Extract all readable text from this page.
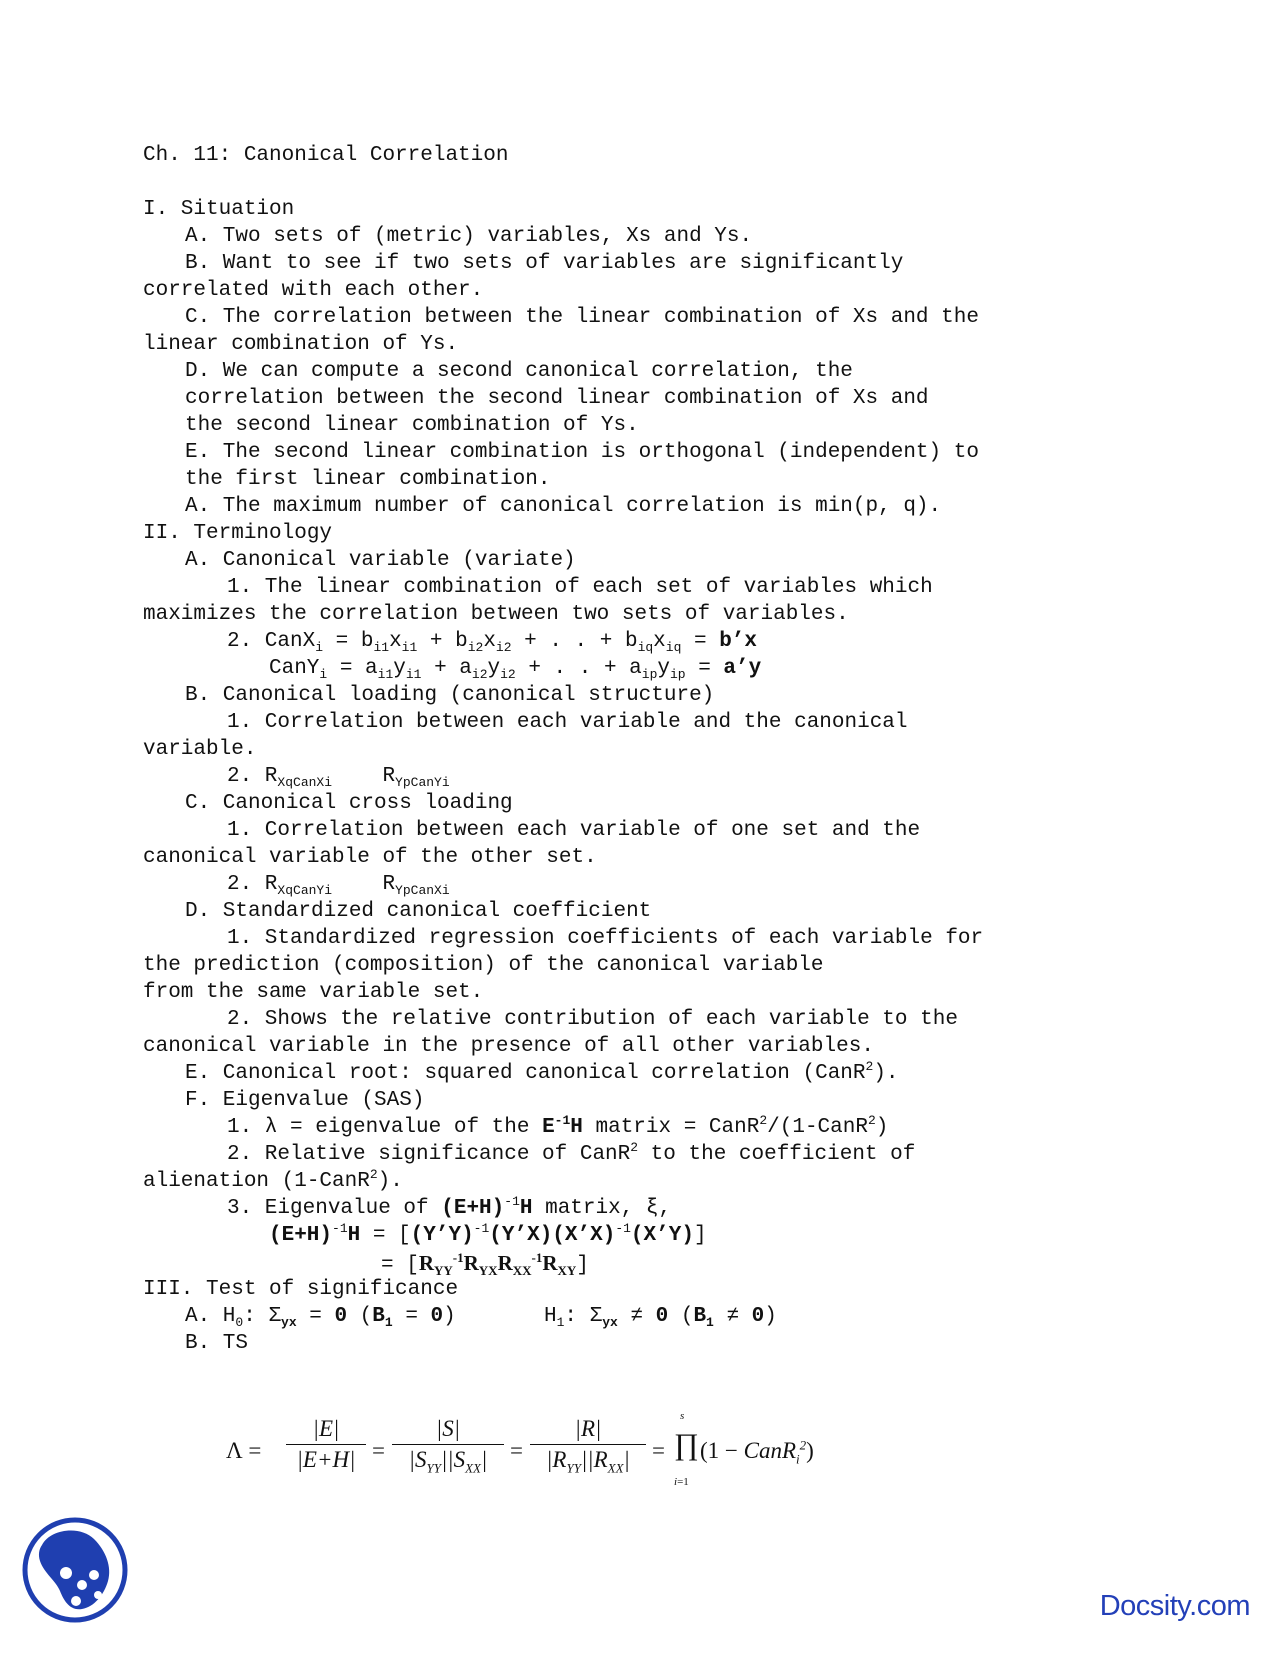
Ch. 11: Canonical Correlation
I. Situation
A. Two sets of (metric) variables, Xs and Ys.
B. Want to see if two sets of variables are significantly
correlated with each other.
C. The correlation between the linear combination of Xs and the
linear combination of Ys.
D. We can compute a second canonical correlation, the
correlation between the second linear combination of Xs and
the second linear combination of Ys.
E. The second linear combination is orthogonal (independent) to
the first linear combination.
A. The maximum number of canonical correlation is min(p, q).
II. Terminology
A. Canonical variable (variate)
1. The linear combination of each set of variables which
maximizes the correlation between two sets of variables.
2. CanX$_i$ = $b_{i1}x_{i1} + b_{i2}x_{i2}$ + . . + $b_{iq}x_{iq}$ = b’x
CanY$_i$ = $a_{i1}y_{i1} + a_{i2}y_{i2}$ + . . + $a_{ip}y_{ip}$ = a’y
B. Canonical loading (canonical structure)
1. Correlation between each variable and the canonical
variable.
2. $R_{XqCanXi}$    $R_{YpCanYi}$
C. Canonical cross loading
1. Correlation between each variable of one set and the
canonical variable of the other set.
2. $R_{XqCanYi}$    $R_{YpCanXi}$
D. Standardized canonical coefficient
1. Standardized regression coefficients of each variable for
the prediction (composition) of the canonical variable
from the same variable set.
2. Shows the relative contribution of each variable to the
canonical variable in the presence of all other variables.
E. Canonical root: squared canonical correlation (CanR$^2$).
F. Eigenvalue (SAS)
1. λ = eigenvalue of the $E^{-1}H$ matrix = CanR$^2$/(1-CanR$^2$)
2. Relative significance of CanR$^2$ to the coefficient of
alienation (1-CanR$^2$).
3. Eigenvalue of $(E+H)^{-1}H$ matrix, ξ,
$(E+H)^{-1}H$ = [(Y’Y)$^{-1}$(Y’X)(X’X)$^{-1}$(X’Y)]
= $[R_{YY}^{-1}R_{YX}R_{XX}^{-1}R_{XY}]$
III. Test of significance
A. $H_0$: $\Sigma_{yx} = 0$ $(B_1 = 0)$       $H_1$: $\Sigma_{yx} \ne 0$ $(B_1 \ne 0)$
B. TS
$\Lambda = \frac{|E|}{|E+H|}$ =
|S|
$|S_{YY}||S_{XX}|$ =
|R|
$|R_{YY}||R_{XX}|$ = ∏
s
i=1
(1 − CanR$_i^2$)
Docsity.com
